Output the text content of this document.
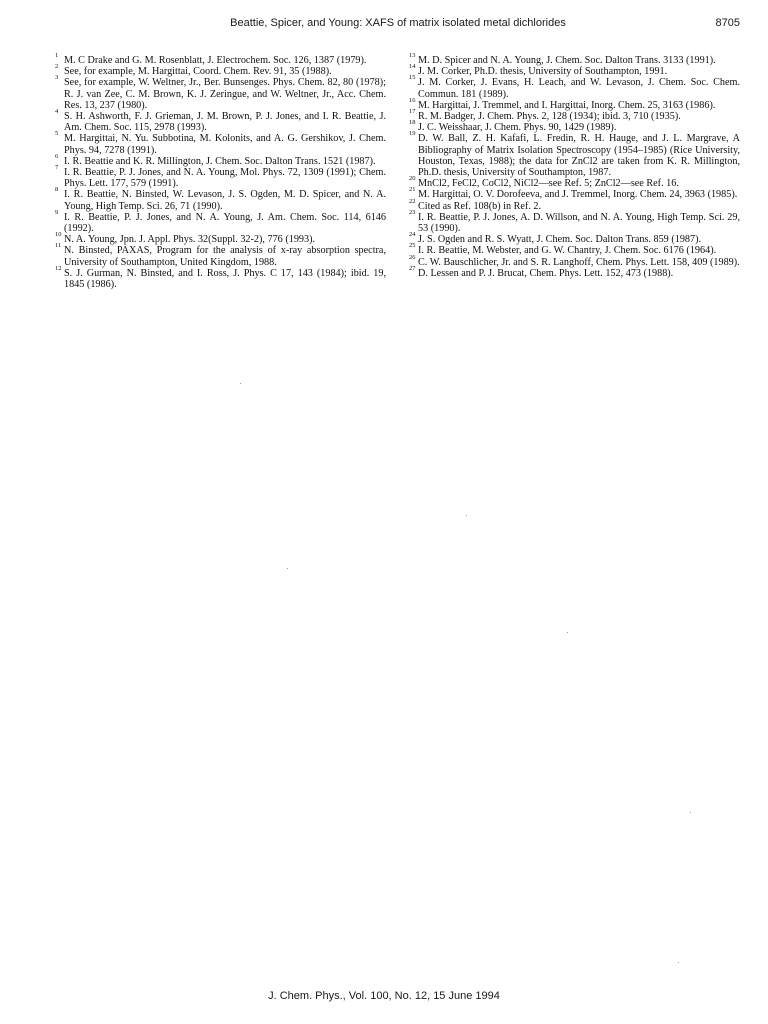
Beattie, Spicer, and Young: XAFS of matrix isolated metal dichlorides	8705

1 M. C Drake and G. M. Rosenblatt, J. Electrochem. Soc. 126, 1387 (1979).

2 See, for example, M. Hargittai, Coord. Chem. Rev. 91, 35 (1988).

3 See, for example, W. Weltner, Jr., Ber. Bunsenges. Phys. Chem. 82, 80 (1978); R. J. van Zee, C. M. Brown, K. J. Zeringue, and W. Weltner, Jr., Acc. Chem. Res. 13, 237 (1980).

4 S. H. Ashworth, F. J. Grieman, J. M. Brown, P. J. Jones, and I. R. Beattie, J. Am. Chem. Soc. 115, 2978 (1993).

5 M. Hargittai, N. Yu. Subbotina, M. Kolonits, and A. G. Gershikov, J. Chem. Phys. 94, 7278 (1991).

6 I. R. Beattie and K. R. Millington, J. Chem. Soc. Dalton Trans. 1521 (1987).

7 I. R. Beattie, P. J. Jones, and N. A. Young, Mol. Phys. 72, 1309 (1991); Chem. Phys. Lett. 177, 579 (1991).

8 I. R. Beattie, N. Binsted, W. Levason, J. S. Ogden, M. D. Spicer, and N. A. Young, High Temp. Sci. 26, 71 (1990).

9 I. R. Beattie, P. J. Jones, and N. A. Young, J. Am. Chem. Soc. 114, 6146 (1992).

10 N. A. Young, Jpn. J. Appl. Phys. 32(Suppl. 32-2), 776 (1993).

11 N. Binsted, PAXAS, Program for the analysis of x-ray absorption spectra, University of Southampton, United Kingdom, 1988.

12 S. J. Gurman, N. Binsted, and I. Ross, J. Phys. C 17, 143 (1984); ibid. 19, 1845 (1986).

13 M. D. Spicer and N. A. Young, J. Chem. Soc. Dalton Trans. 3133 (1991).

14 J. M. Corker, Ph.D. thesis, University of Southampton, 1991.

15 J. M. Corker, J. Evans, H. Leach, and W. Levason, J. Chem. Soc. Chem. Commun. 181 (1989).

16 M. Hargittai, J. Tremmel, and I. Hargittai, Inorg. Chem. 25, 3163 (1986).

17 R. M. Badger, J. Chem. Phys. 2, 128 (1934); ibid. 3, 710 (1935).

18 J. C. Weisshaar, J. Chem. Phys. 90, 1429 (1989).

19 D. W. Ball, Z. H. Kafafi, L. Fredin, R. H. Hauge, and J. L. Margrave, A Bibliography of Matrix Isolation Spectroscopy (1954–1985) (Rice University, Houston, Texas, 1988); the data for ZnCl2 are taken from K. R. Millington, Ph.D. thesis, University of Southampton, 1987.

20 MnCl2, FeCl2, CoCl2, NiCl2—see Ref. 5; ZnCl2—see Ref. 16.

21 M. Hargittai, O. V. Dorofeeva, and J. Tremmel, Inorg. Chem. 24, 3963 (1985).

22 Cited as Ref. 108(b) in Ref. 2.

23 I. R. Beattie, P. J. Jones, A. D. Willson, and N. A. Young, High Temp. Sci. 29, 53 (1990).

24 J. S. Ogden and R. S. Wyatt, J. Chem. Soc. Dalton Trans. 859 (1987).

25 I. R. Beattie, M. Webster, and G. W. Chantry, J. Chem. Soc. 6176 (1964).

26 C. W. Bauschlicher, Jr. and S. R. Langhoff, Chem. Phys. Lett. 158, 409 (1989).

27 D. Lessen and P. J. Brucat, Chem. Phys. Lett. 152, 473 (1988).

J. Chem. Phys., Vol. 100, No. 12, 15 June 1994
